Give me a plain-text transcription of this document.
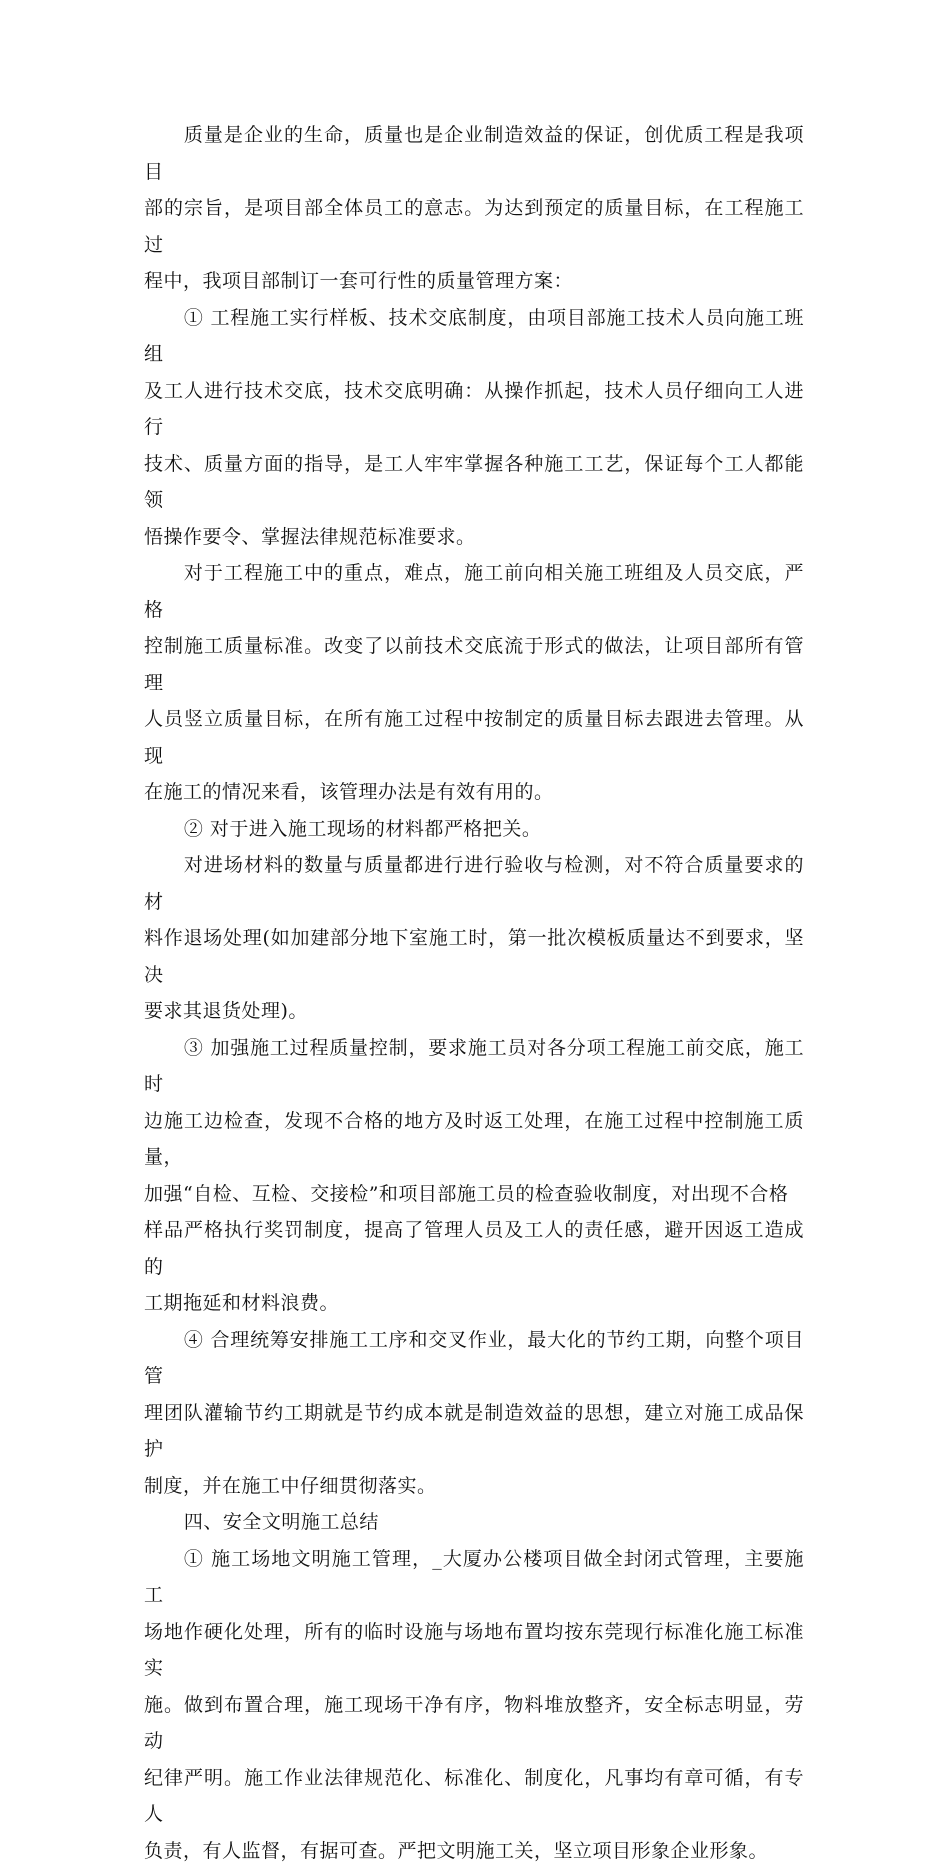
质量是企业的生命，质量也是企业制造效益的保证，创优质工程是我项目
部的宗旨，是项目部全体员工的意志。为达到预定的质量目标，在工程施工过
程中，我项目部制订一套可行性的质量管理方案：

① 工程施工实行样板、技术交底制度，由项目部施工技术人员向施工班组
及工人进行技术交底，技术交底明确：从操作抓起，技术人员仔细向工人进行
技术、质量方面的指导，是工人牢牢掌握各种施工工艺，保证每个工人都能领
悟操作要令、掌握法律规范标准要求。

对于工程施工中的重点，难点，施工前向相关施工班组及人员交底，严格
控制施工质量标准。改变了以前技术交底流于形式的做法，让项目部所有管理
人员竖立质量目标，在所有施工过程中按制定的质量目标去跟进去管理。从现
在施工的情况来看，该管理办法是有效有用的。

② 对于进入施工现场的材料都严格把关。

对进场材料的数量与质量都进行进行验收与检测，对不符合质量要求的材
料作退场处理(如加建部分地下室施工时，第一批次模板质量达不到要求，坚决
要求其退货处理)。

③ 加强施工过程质量控制，要求施工员对各分项工程施工前交底，施工时
边施工边检查，发现不合格的地方及时返工处理，在施工过程中控制施工质量，
加强“自检、互检、交接检”和项目部施工员的检查验收制度，对出现不合格
样品严格执行奖罚制度，提高了管理人员及工人的责任感，避开因返工造成的
工期拖延和材料浪费。

④ 合理统筹安排施工工序和交叉作业，最大化的节约工期，向整个项目管
理团队灌输节约工期就是节约成本就是制造效益的思想，建立对施工成品保护
制度，并在施工中仔细贯彻落实。

四、安全文明施工总结

① 施工场地文明施工管理，_大厦办公楼项目做全封闭式管理，主要施工
场地作硬化处理，所有的临时设施与场地布置均按东莞现行标准化施工标准实
施。做到布置合理，施工现场干净有序，物料堆放整齐，安全标志明显，劳动
纪律严明。施工作业法律规范化、标准化、制度化，凡事均有章可循，有专人
负责，有人监督，有据可查。严把文明施工关，坚立项目形象企业形象。
